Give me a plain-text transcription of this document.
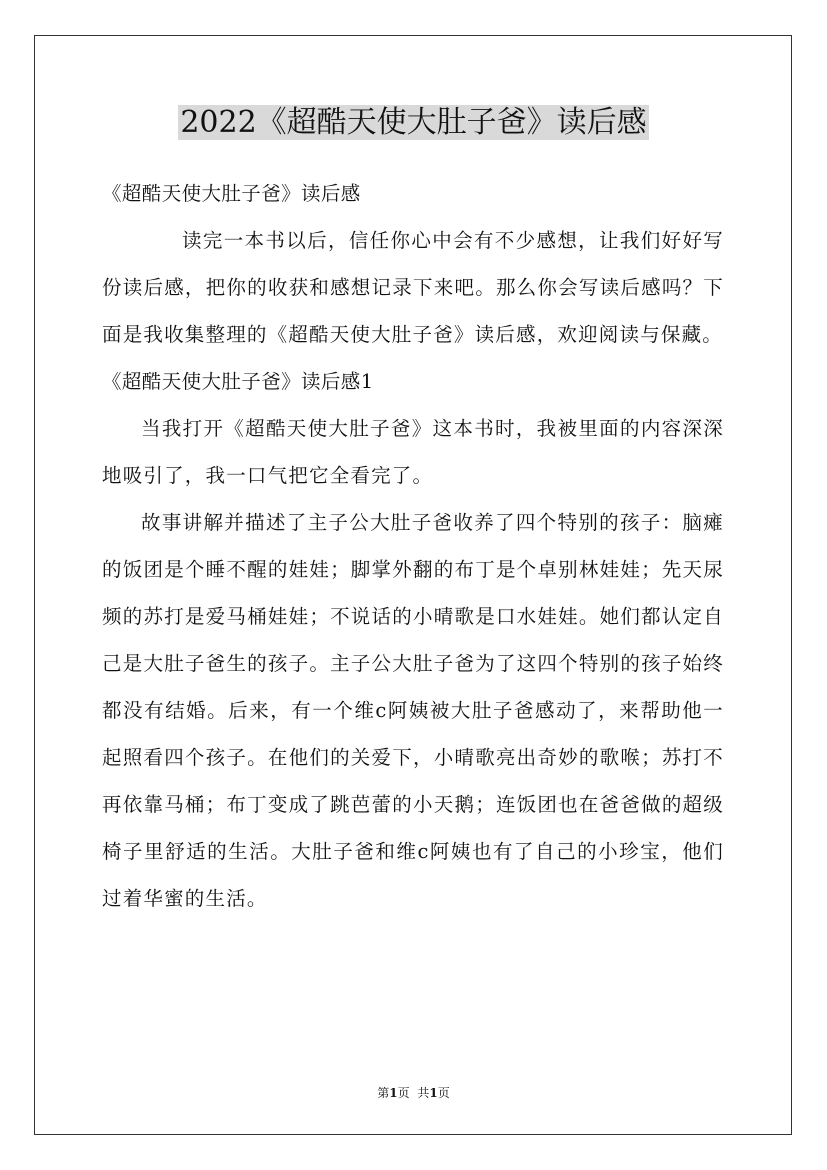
2022《超酷天使大肚子爸》读后感

《超酷天使大肚子爸》读后感

读完一本书以后，信任你心中会有不少感想，让我们好好写份读后感，把你的收获和感想记录下来吧。那么你会写读后感吗？下面是我收集整理的《超酷天使大肚子爸》读后感，欢迎阅读与保藏。

《超酷天使大肚子爸》读后感1

当我打开《超酷天使大肚子爸》这本书时，我被里面的内容深深地吸引了，我一口气把它全看完了。

故事讲解并描述了主子公大肚子爸收养了四个特别的孩子：脑瘫的饭团是个睡不醒的娃娃；脚掌外翻的布丁是个卓别林娃娃；先天尿频的苏打是爱马桶娃娃；不说话的小晴歌是口水娃娃。她们都认定自己是大肚子爸生的孩子。主子公大肚子爸为了这四个特别的孩子始终都没有结婚。后来，有一个维c阿姨被大肚子爸感动了，来帮助他一起照看四个孩子。在他们的关爱下，小晴歌亮出奇妙的歌喉；苏打不再依靠马桶；布丁变成了跳芭蕾的小天鹅；连饭团也在爸爸做的超级椅子里舒适的生活。大肚子爸和维c阿姨也有了自己的小珍宝，他们过着华蜜的生活。

第1页 共1页
